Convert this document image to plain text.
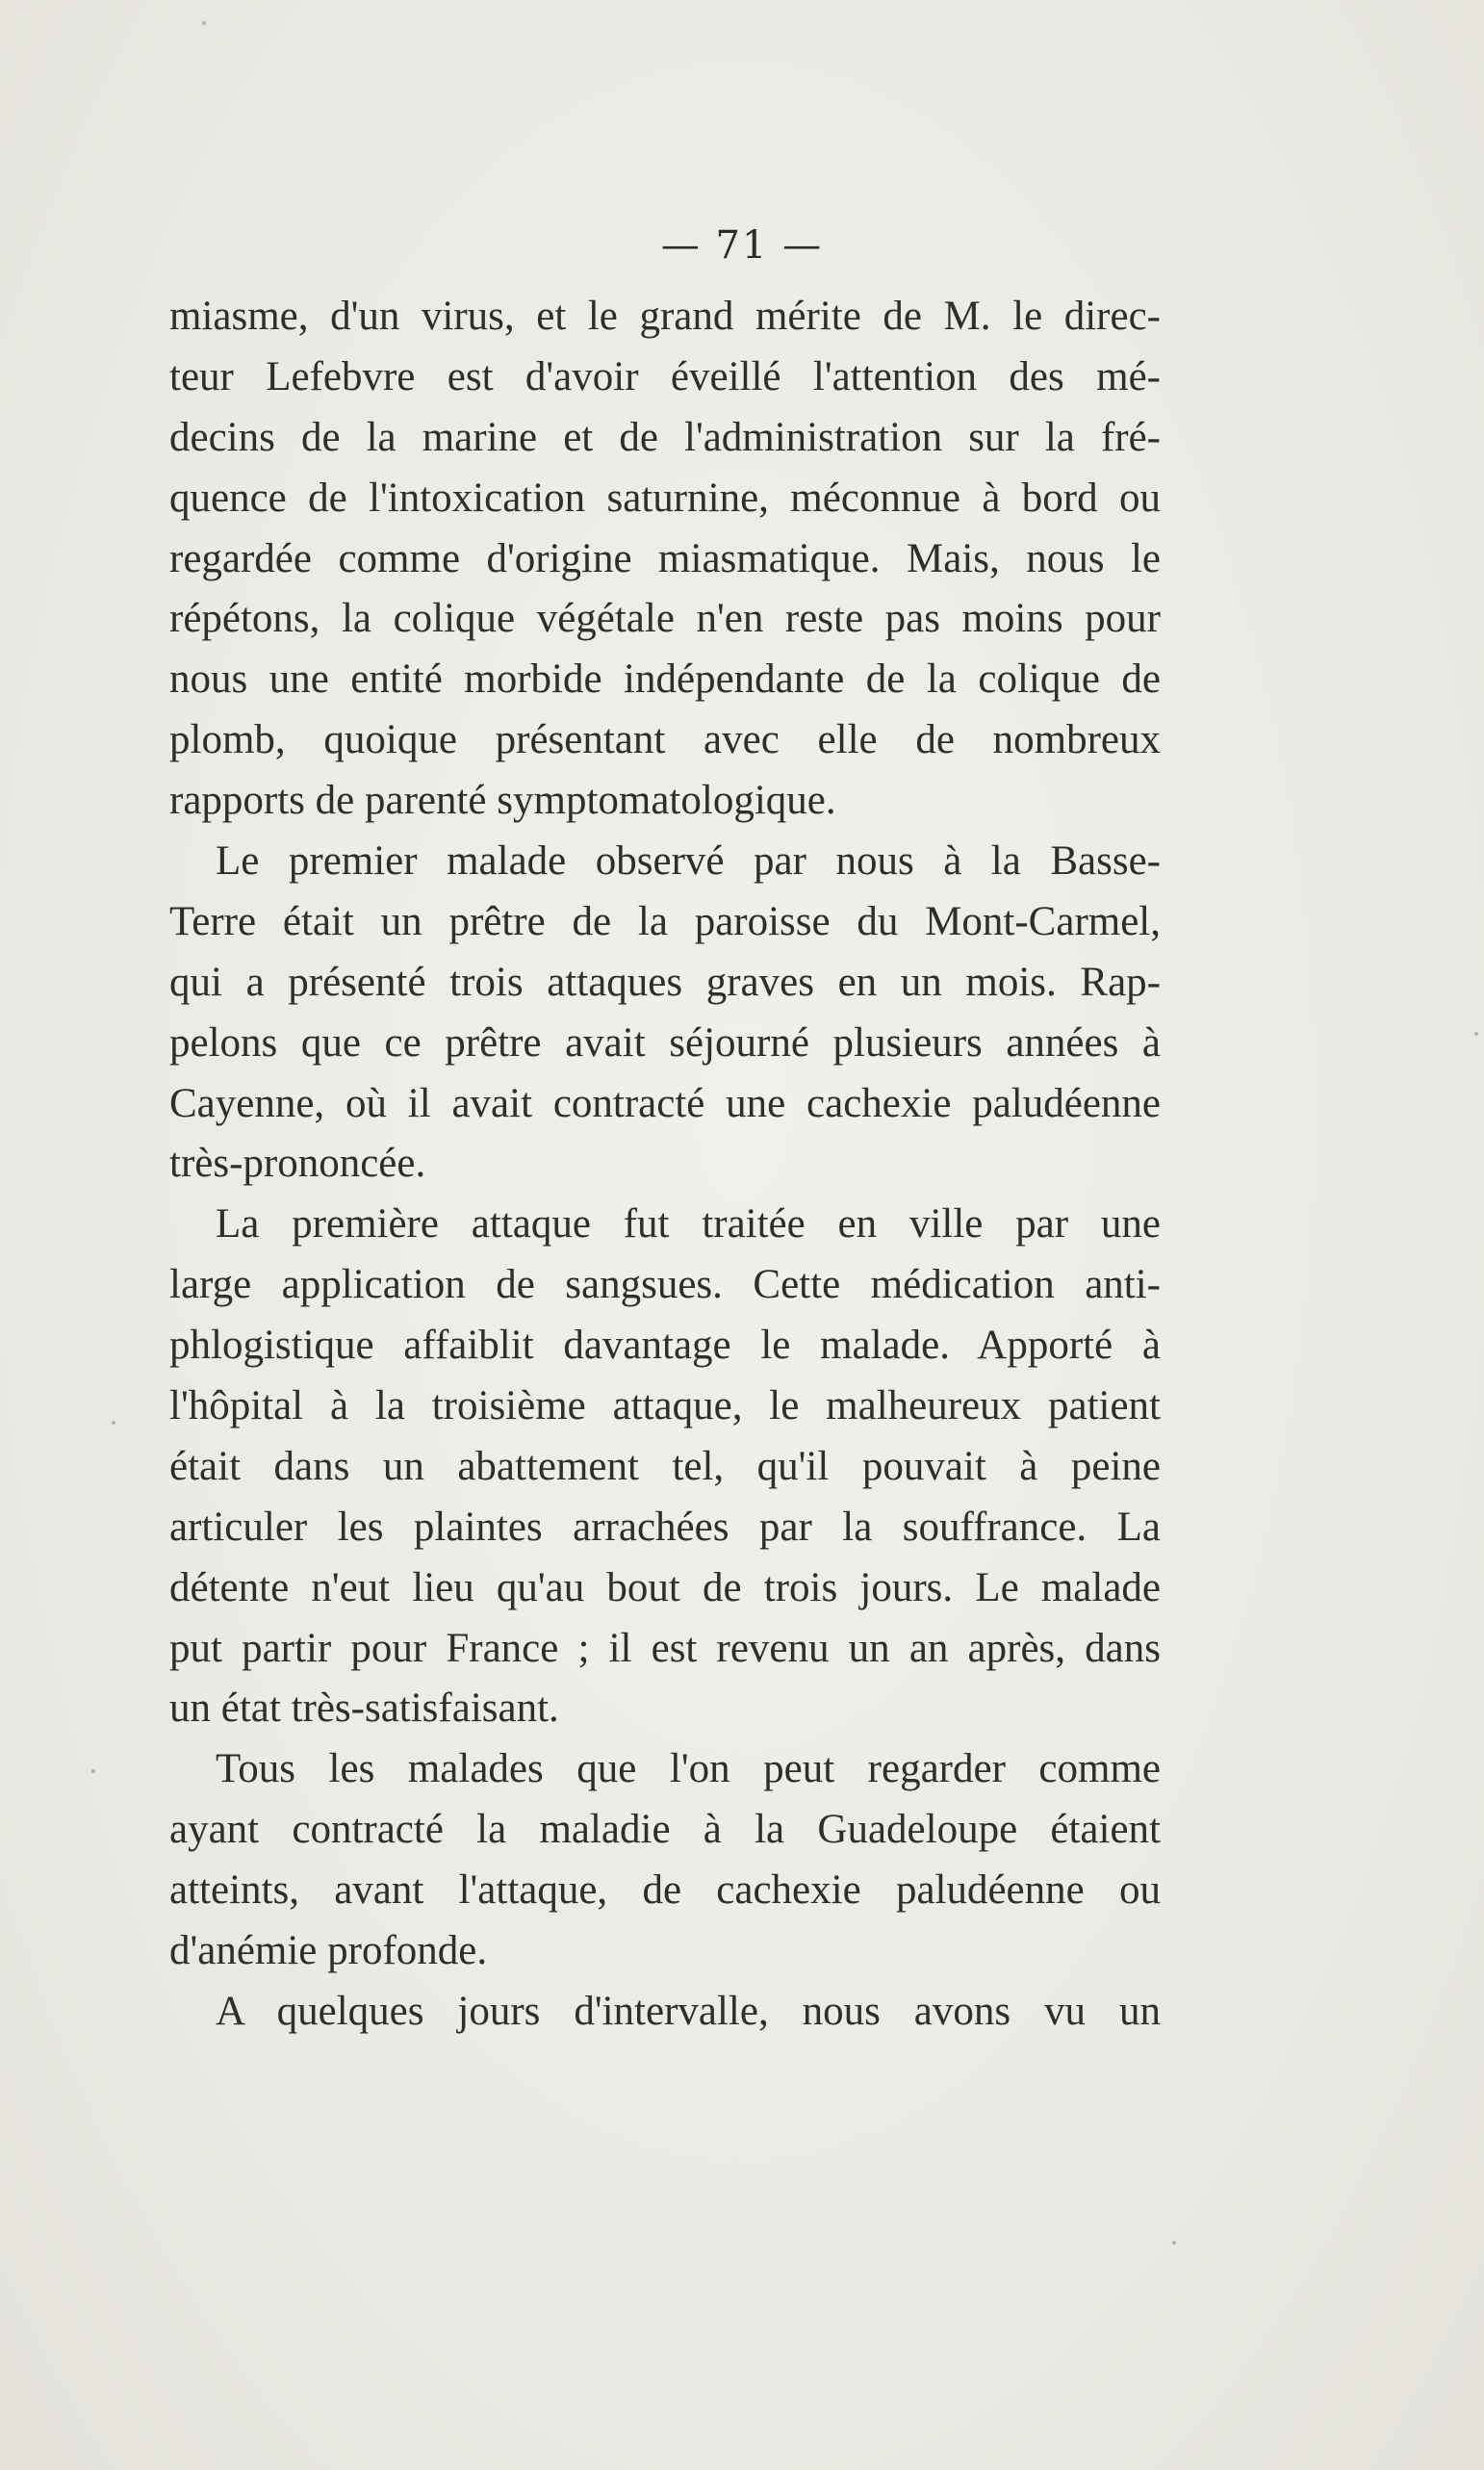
— 71 —
miasme, d'un virus, et le grand mérite de M. le direc-
teur Lefebvre est d'avoir éveillé l'attention des mé-
decins de la marine et de l'administration sur la fré-
quence de l'intoxication saturnine, méconnue à bord ou
regardée comme d'origine miasmatique. Mais, nous le
répétons, la colique végétale n'en reste pas moins pour
nous une entité morbide indépendante de la colique de
plomb, quoique présentant avec elle de nombreux
rapports de parenté symptomatologique.
Le premier malade observé par nous à la Basse-
Terre était un prêtre de la paroisse du Mont-Carmel,
qui a présenté trois attaques graves en un mois. Rap-
pelons que ce prêtre avait séjourné plusieurs années à
Cayenne, où il avait contracté une cachexie paludéenne
très-prononcée.
La première attaque fut traitée en ville par une
large application de sangsues. Cette médication anti-
phlogistique affaiblit davantage le malade. Apporté à
l'hôpital à la troisième attaque, le malheureux patient
était dans un abattement tel, qu'il pouvait à peine
articuler les plaintes arrachées par la souffrance. La
détente n'eut lieu qu'au bout de trois jours. Le malade
put partir pour France ; il est revenu un an après, dans
un état très-satisfaisant.
Tous les malades que l'on peut regarder comme
ayant contracté la maladie à la Guadeloupe étaient
atteints, avant l'attaque, de cachexie paludéenne ou
d'anémie profonde.
A quelques jours d'intervalle, nous avons vu un
